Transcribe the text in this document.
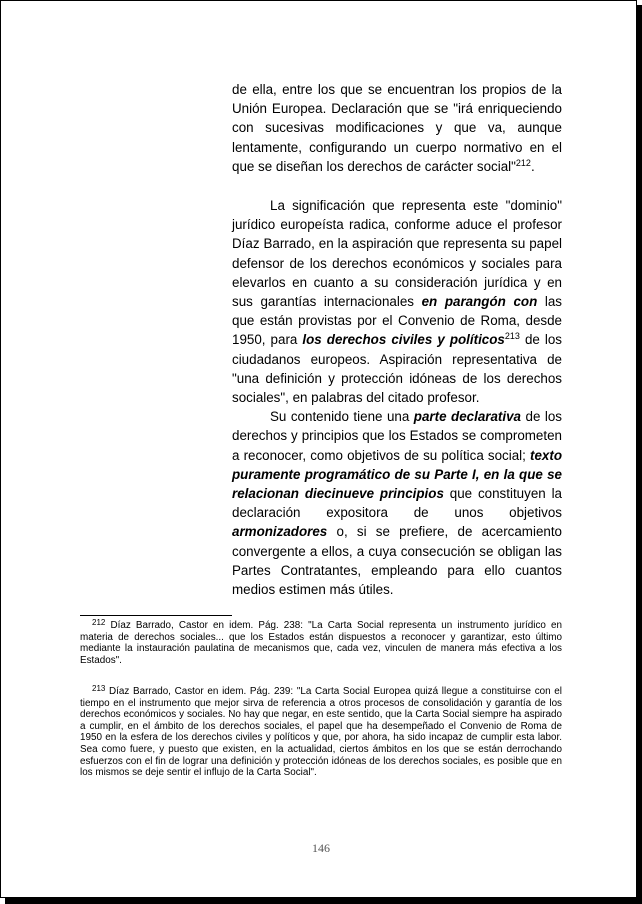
de ella, entre los que se encuentran los propios de la Unión Europea. Declaración que se "irá enriqueciendo con sucesivas modificaciones y que va, aunque lentamente, configurando un cuerpo normativo en el que se diseñan los derechos de carácter social"$^{212}$.

La significación que representa este "dominio" jurídico europeísta radica, conforme aduce el profesor Díaz Barrado, en la aspiración que representa su papel defensor de los derechos económicos y sociales para elevarlos en cuanto a su consideración jurídica y en sus garantías internacionales en parangón con las que están provistas por el Convenio de Roma, desde 1950, para los derechos civiles y políticos$^{213}$ de los ciudadanos europeos. Aspiración representativa de "una definición y protección idóneas de los derechos sociales", en palabras del citado profesor.

Su contenido tiene una parte declarativa de los derechos y principios que los Estados se comprometen a reconocer, como objetivos de su política social; texto puramente programático de su Parte I, en la que se relacionan diecinueve principios que constituyen la declaración expositora de unos objetivos armonizadores o, si se prefiere, de acercamiento convergente a ellos, a cuya consecución se obligan las Partes Contratantes, empleando para ello cuantos medios estimen más útiles.

$^{212}$ Díaz Barrado, Castor en idem. Pág. 238: "La Carta Social representa un instrumento jurídico en materia de derechos sociales... que los Estados están dispuestos a reconocer y garantizar, esto último mediante la instauración paulatina de mecanismos que, cada vez, vinculen de manera más efectiva a los Estados".

$^{213}$ Díaz Barrado, Castor en idem. Pág. 239: "La Carta Social Europea quizá llegue a constituirse con el tiempo en el instrumento que mejor sirva de referencia a otros procesos de consolidación y garantía de los derechos económicos y sociales. No hay que negar, en este sentido, que la Carta Social siempre ha aspirado a cumplir, en el ámbito de los derechos sociales, el papel que ha desempeñado el Convenio de Roma de 1950 en la esfera de los derechos civiles y políticos y que, por ahora, ha sido incapaz de cumplir esta labor. Sea como fuere, y puesto que existen, en la actualidad, ciertos ámbitos en los que se están derrochando esfuerzos con el fin de lograr una definición y protección idóneas de los derechos sociales, es posible que en los mismos se deje sentir el influjo de la Carta Social".

146
